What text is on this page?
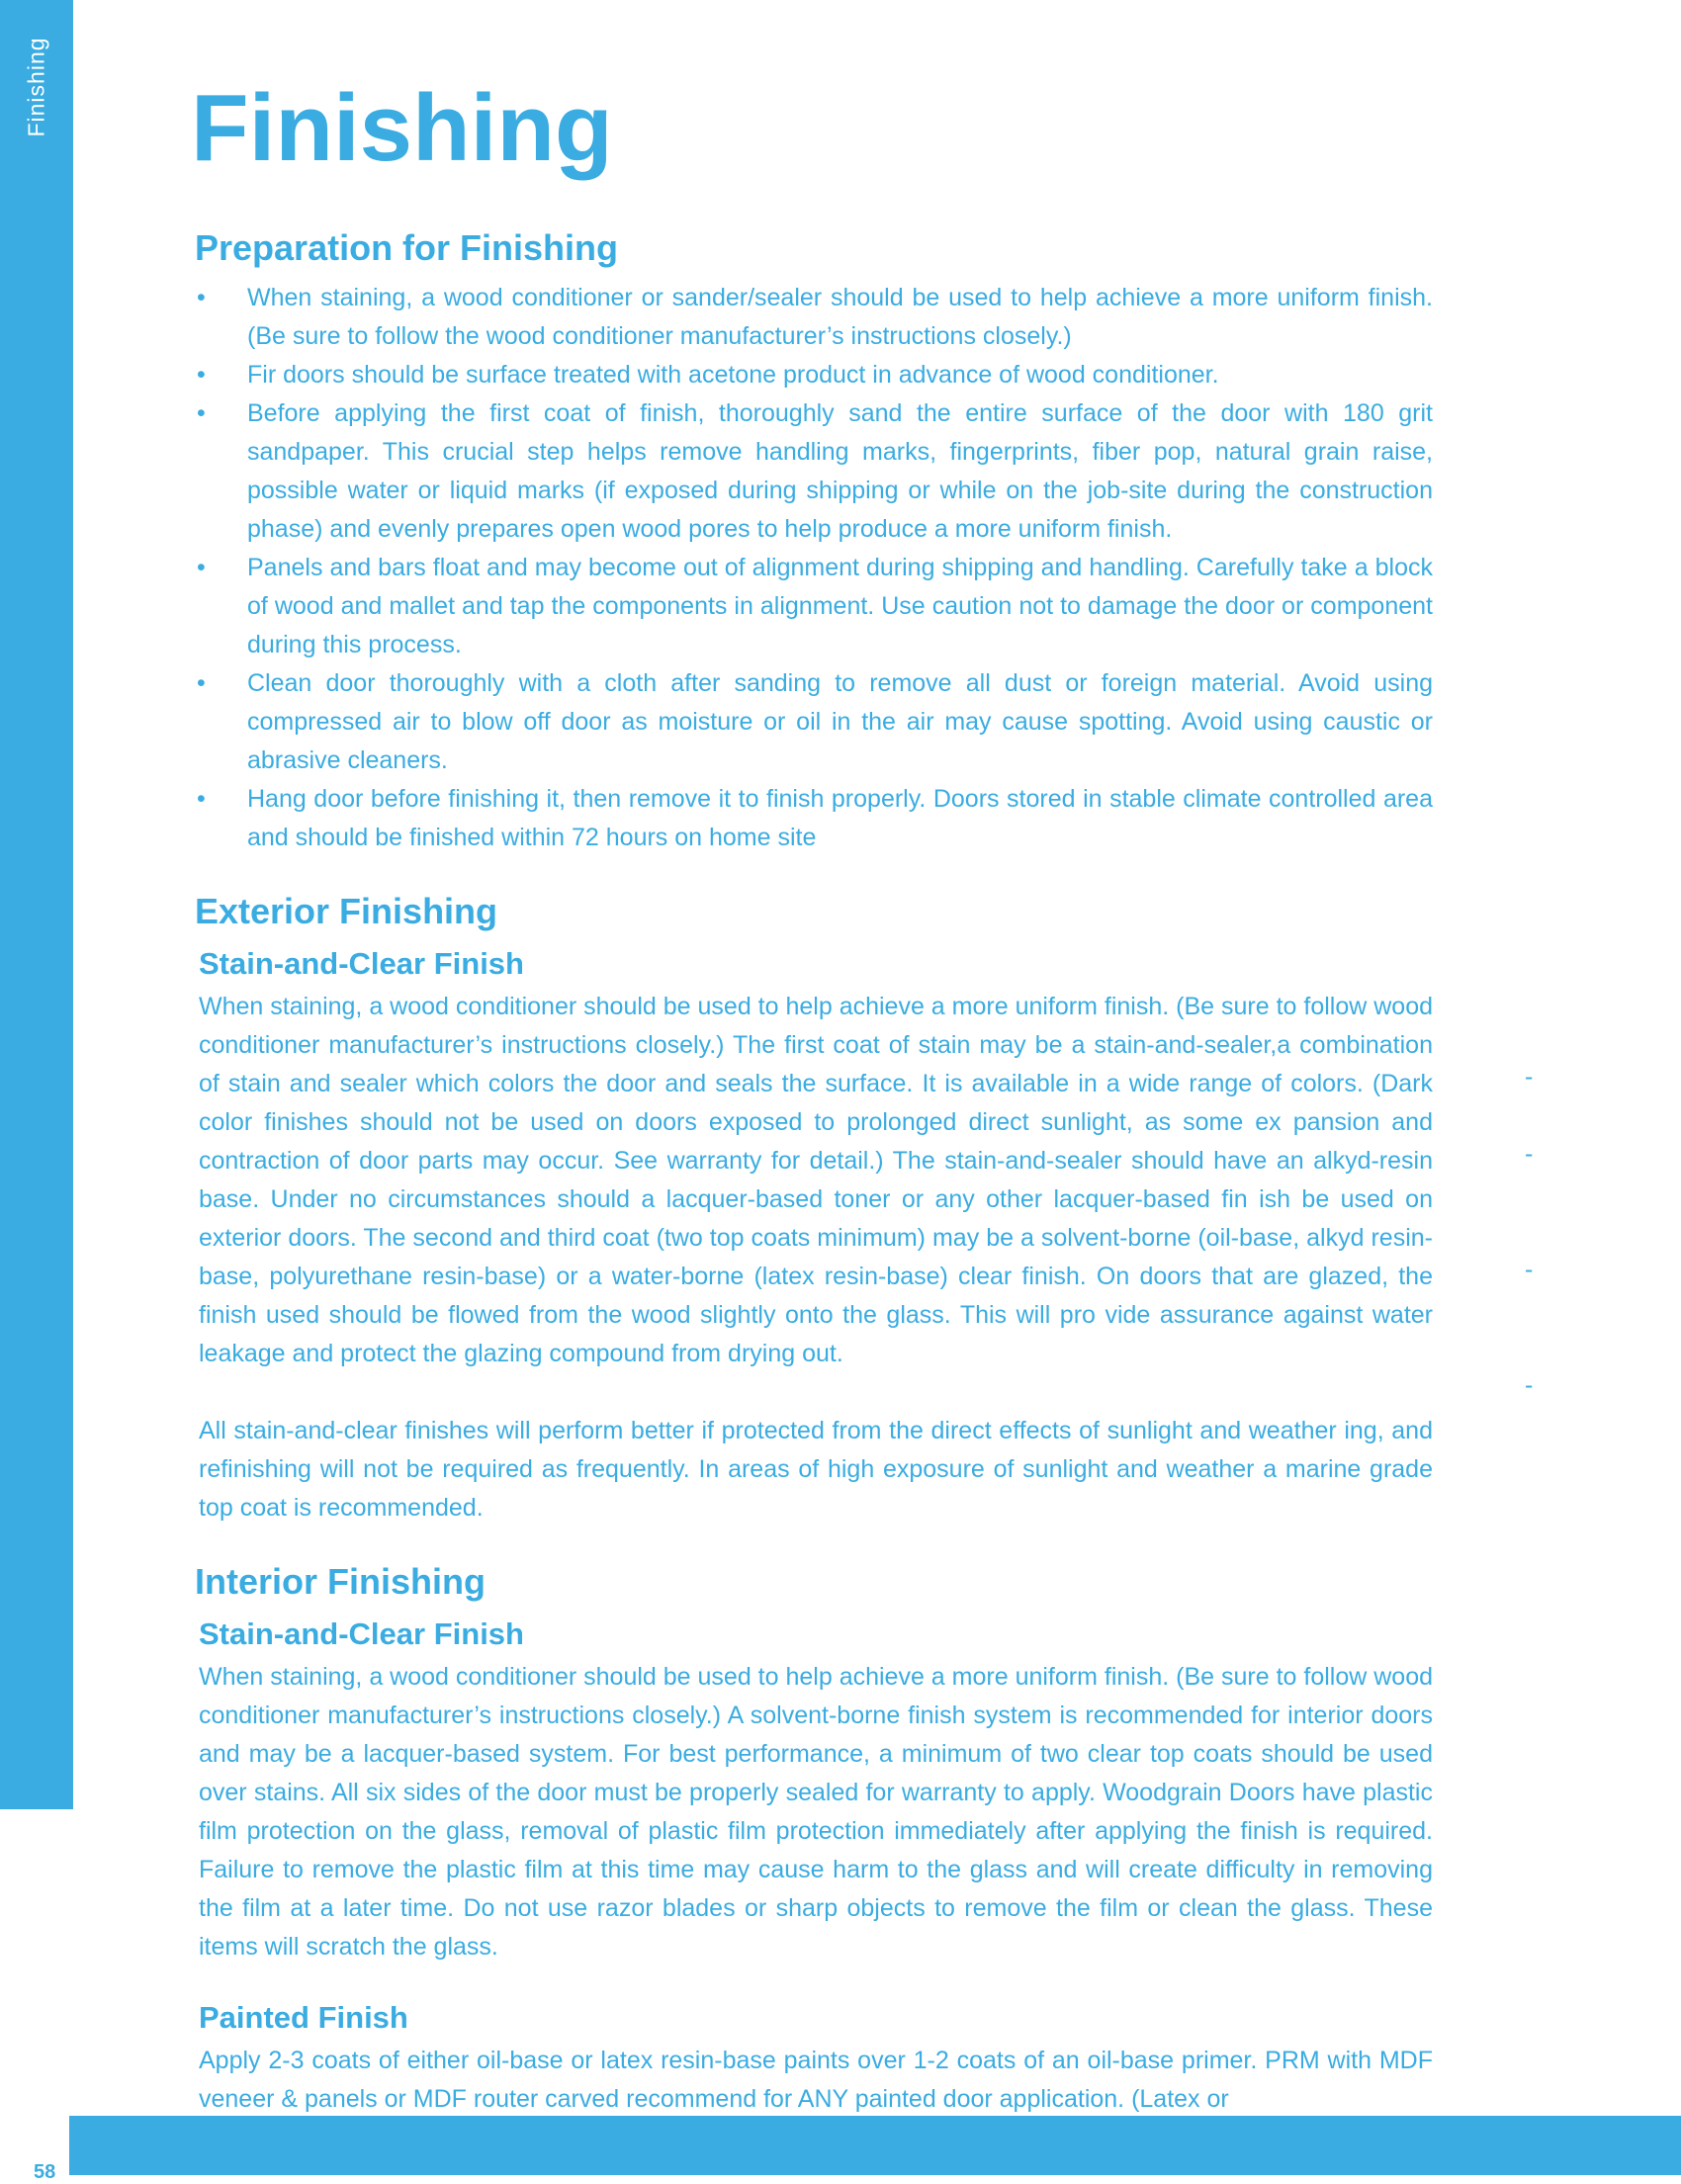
Finishing Finishing
Preparation for Finishing
• When staining, a wood conditioner or sander/sealer should be used to help achieve a more uniform finish. (Be sure to follow the wood conditioner manufacturer’s instructions closely.)
• Fir doors should be surface treated with acetone product in advance of wood conditioner.
• Before applying the first coat of finish, thoroughly sand the entire surface of the door with 180 grit sandpaper. This crucial step helps remove handling marks, fingerprints, fiber pop, natural grain raise, possible water or liquid marks (if exposed during shipping or while on the job-site during the construction phase) and evenly prepares open wood pores to help produce a more uniform finish.
• Panels and bars float and may become out of alignment during shipping and handling. Carefully take a block of wood and mallet and tap the components in alignment. Use caution not to damage the door or component during this process.
• Clean door thoroughly with a cloth after sanding to remove all dust or foreign material. Avoid using compressed air to blow off door as moisture or oil in the air may cause spotting. Avoid using caustic or abrasive cleaners.
• Hang door before finishing it, then remove it to finish properly. Doors stored in stable climate controlled area and should be finished within 72 hours on home site
Exterior Finishing
Stain-and-Clear Finish

When staining, a wood conditioner should be used to help achieve a more uniform finish. (Be sure to follow wood conditioner manufacturer’s instructions closely.) The first coat of stain may be a stain-and-sealer,a combination of stain and sealer which colors the door and seals the surface. It is available in a wide range of colors. (Dark color finishes should not be used on doors exposed to prolonged direct sunlight, as some ex pansion and contraction of door parts may occur. See warranty for detail.) The stain-and-sealer should have an alkyd-resin base. Under no circumstances should a lacquer-based toner or any other lacquer-based fin ish be used on exterior doors. The second and third coat (two top coats minimum) may be a solvent-borne (oil-base, alkyd resin-base, polyurethane resin-base) or a water-borne (latex resin-base) clear finish. On doors that are glazed, the finish used should be flowed from the wood slightly onto the glass. This will pro vide assurance against water leakage and protect the glazing compound from drying out.

All stain-and-clear finishes will perform better if protected from the direct effects of sunlight and weather ing, and refinishing will not be required as frequently. In areas of high exposure of sunlight and weather a marine grade top coat is recommended.

Interior Finishing
Stain-and-Clear Finish

When staining, a wood conditioner should be used to help achieve a more uniform finish. (Be sure to follow wood conditioner manufacturer’s instructions closely.) A solvent-borne finish system is recommended for interior doors and may be a lacquer-based system. For best performance, a minimum of two clear top coats should be used over stains. All six sides of the door must be properly sealed for warranty to apply. Woodgrain Doors have plastic film protection on the glass, removal of plastic film protection immediately after applying the finish is required. Failure to remove the plastic film at this time may cause harm to the glass and will create difficulty in removing the film at a later time. Do not use razor blades or sharp objects to remove the film or clean the glass. These items will scratch the glass.

Painted Finish

Apply 2-3 coats of either oil-base or latex resin-base paints over 1-2 coats of an oil-base primer. PRM with MDF veneer & panels or MDF router carved recommend for ANY painted door application. (Latex or

-
-
-
-
58
